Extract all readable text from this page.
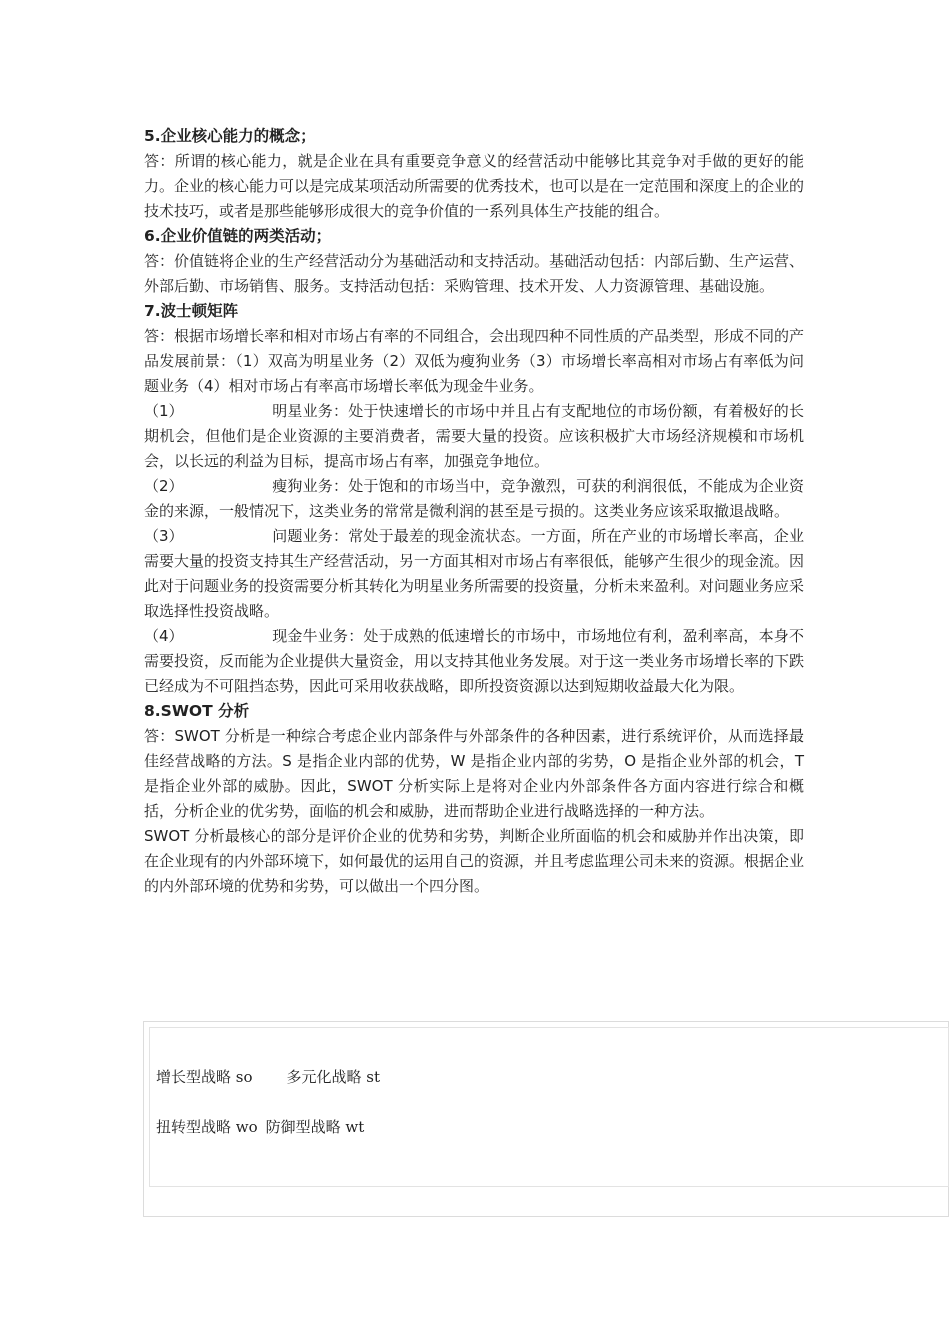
5.企业核心能力的概念；

答：所谓的核心能力，就是企业在具有重要竞争意义的经营活动中能够比其竞争对手做的更好的能力。企业的核心能力可以是完成某项活动所需要的优秀技术，也可以是在一定范围和深度上的企业的技术技巧，或者是那些能够形成很大的竞争价值的一系列具体生产技能的组合。

6.企业价值链的两类活动；

答：价值链将企业的生产经营活动分为基础活动和支持活动。基础活动包括：内部后勤、生产运营、外部后勤、市场销售、服务。支持活动包括：采购管理、技术开发、人力资源管理、基础设施。

7.波士顿矩阵

答：根据市场增长率和相对市场占有率的不同组合，会出现四种不同性质的产品类型，形成不同的产品发展前景：（1）双高为明星业务（2）双低为瘦狗业务（3）市场增长率高相对市场占有率低为问题业务（4）相对市场占有率高市场增长率低为现金牛业务。

（1）	明星业务：处于快速增长的市场中并且占有支配地位的市场份额，有着极好的长期机会，但他们是企业资源的主要消费者，需要大量的投资。应该积极扩大市场经济规模和市场机会，以长远的利益为目标，提高市场占有率，加强竞争地位。
（2）	瘦狗业务：处于饱和的市场当中，竞争激烈，可获的利润很低，不能成为企业资金的来源，一般情况下，这类业务的常常是微利润的甚至是亏损的。这类业务应该采取撤退战略。
（3）	问题业务：常处于最差的现金流状态。一方面，所在产业的市场增长率高，企业需要大量的投资支持其生产经营活动，另一方面其相对市场占有率很低，能够产生很少的现金流。因此对于问题业务的投资需要分析其转化为明星业务所需要的投资量，分析未来盈利。对问题业务应采取选择性投资战略。
（4）	现金牛业务：处于成熟的低速增长的市场中，市场地位有利，盈利率高，本身不需要投资，反而能为企业提供大量资金，用以支持其他业务发展。对于这一类业务市场增长率的下跌已经成为不可阻挡态势，因此可采用收获战略，即所投资资源以达到短期收益最大化为限。
8.SWOT 分析

答：SWOT 分析是一种综合考虑企业内部条件与外部条件的各种因素，进行系统评价，从而选择最佳经营战略的方法。S 是指企业内部的优势，W 是指企业内部的劣势，O 是指企业外部的机会，T 是指企业外部的威胁。因此，SWOT 分析实际上是将对企业内外部条件各方面内容进行综合和概括，分析企业的优劣势，面临的机会和威胁，进而帮助企业进行战略选择的一种方法。

SWOT 分析最核心的部分是评价企业的优势和劣势，判断企业所面临的机会和威胁并作出决策，即在企业现有的内外部环境下，如何最优的运用自己的资源，并且考虑监理公司未来的资源。根据企业的内外部环境的优势和劣势，可以做出一个四分图。

增长型战略 so 多元化战略 st
扭转型战略 wo 防御型战略 wt
